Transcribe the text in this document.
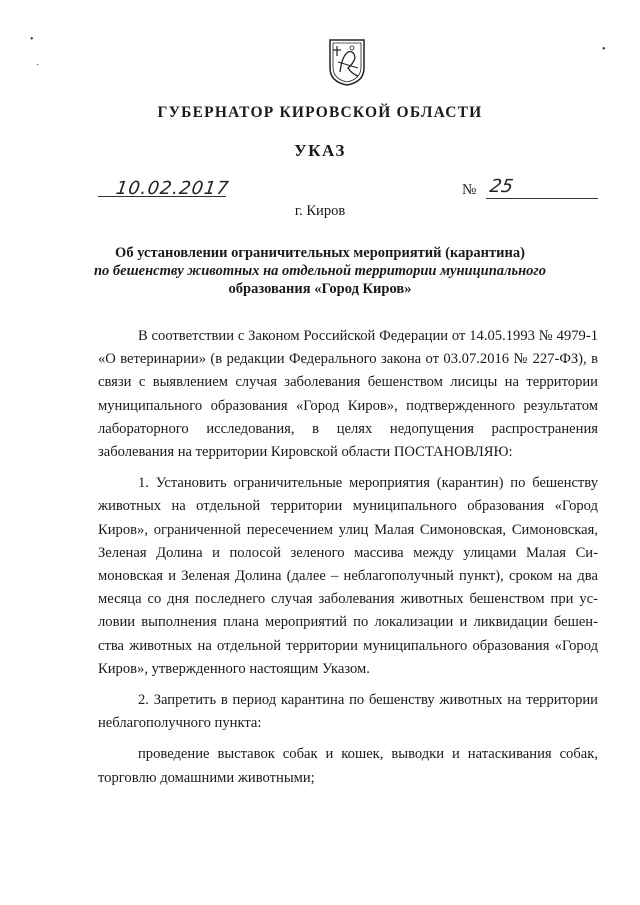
•
·
•
ГУБЕРНАТОР КИРОВСКОЙ ОБЛАСТИ
УКАЗ
10.02.2017	№ 25
г. Киров
Об установлении ограничительных мероприятий (карантина)
по бешенству животных на отдельной территории муниципального
образования «Город Киров»

В соответствии с Законом Российской Федерации от 14.05.1993 № 4979-1 «О ветеринарии» (в редакции Федерального закона от 03.07.2016 № 227-ФЗ), в связи с выявлением случая заболевания бешенством лисицы на территории муниципального образования «Город Киров», подтвержденного результатом лабораторного исследования, в целях недопущения распространения заболевания на территории Кировской области ПОСТАНОВЛЯЮ:

1. Установить ограничительные мероприятия (карантин) по бешенству животных на отдельной территории муниципального образования «Город Киров», ограниченной пересечением улиц Малая Симоновская, Симоновская, Зеленая Долина и полосой зеленого массива между улицами Малая Симоновская и Зеленая Долина (далее – неблагополучный пункт), сроком на два месяца со дня последнего случая заболевания животных бешенством при условии выполнения плана мероприятий по локализации и ликвидации бешенства животных на отдельной территории муниципального образования «Город Киров», утвержденного настоящим Указом.

2. Запретить в период карантина по бешенству животных на территории неблагополучного пункта:

проведение выставок собак и кошек, выводки и натаскивания собак, торговлю домашними животными;
